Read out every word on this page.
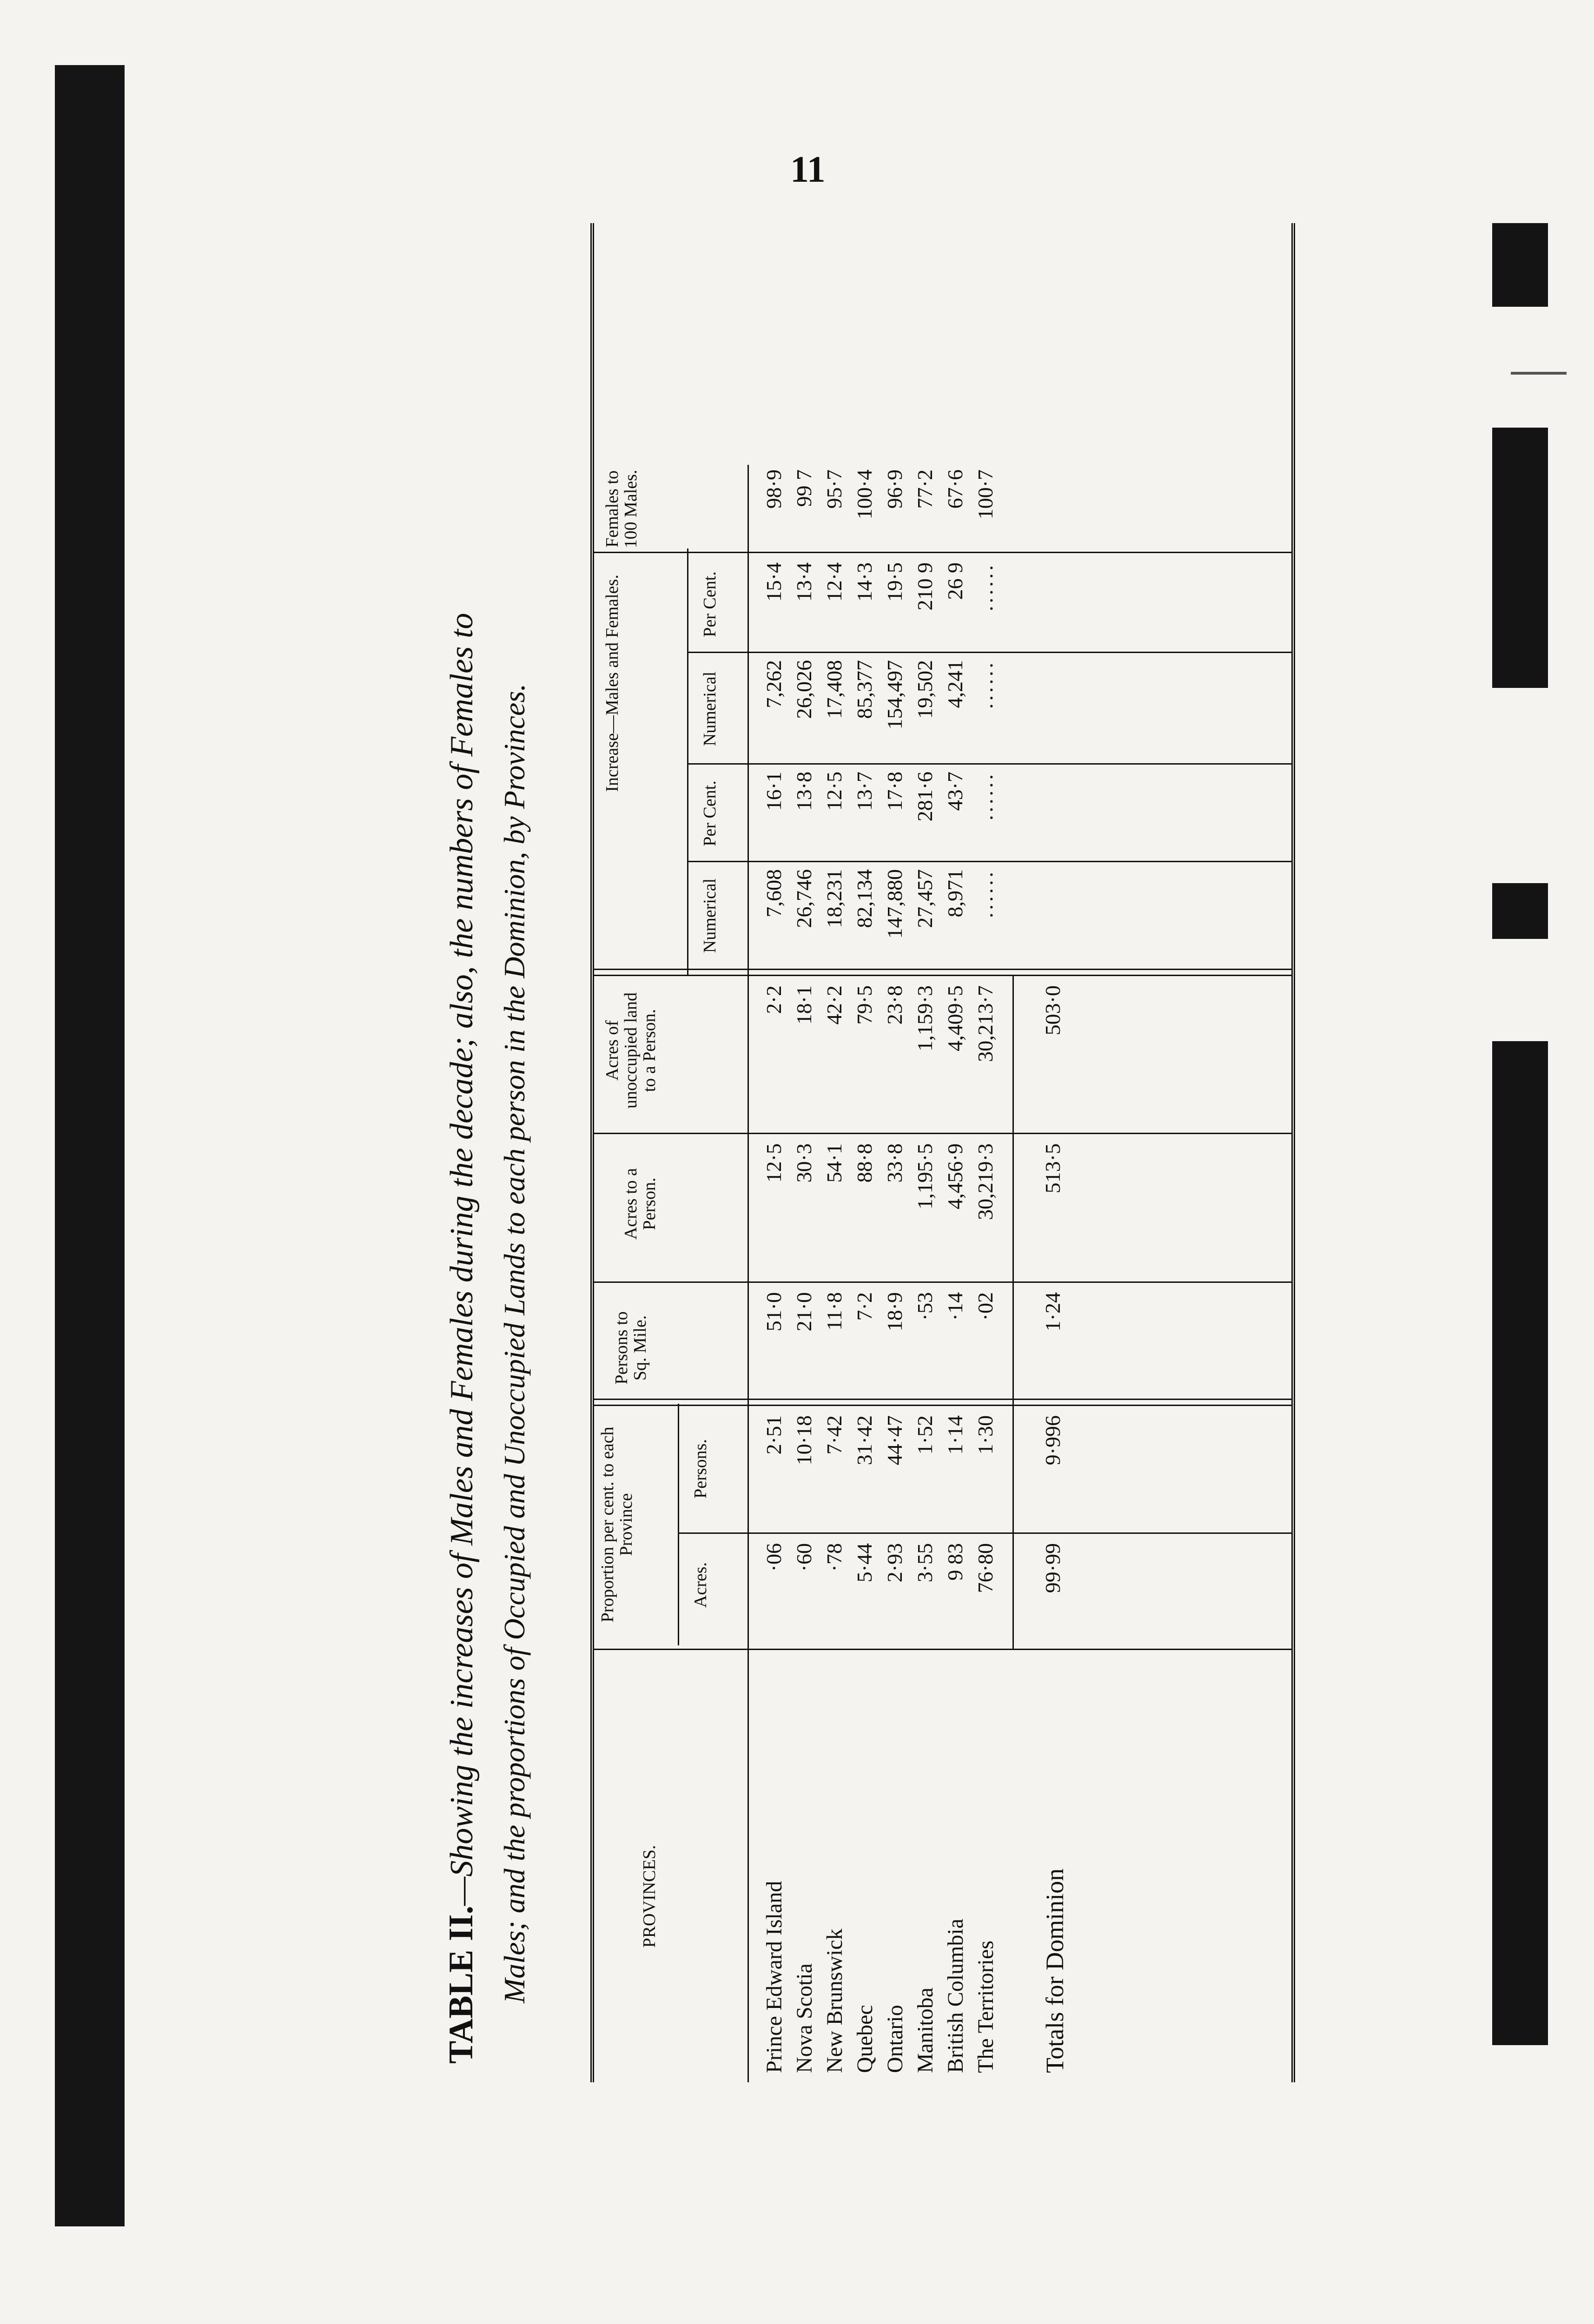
11
TABLE II.—Showing the increases of Males and Females during the decade; also, the numbers of Females to Males; and the proportions of Occupied and Unoccupied Lands to each person in the Dominion, by Provinces.	PROVINCES.
Proportion per cent. to each Province
Acres.
Persons.
Persons to Sq. Mile.
Acres to a Person.
Acres of unoccupied land to a Person.
Increase—Males and Females.
Numerical
Per Cent.
Numerical
Per Cent.
Females to 100 Males.
Prince Edward Island Nova Scotia New Brunswick Quebec Ontario Manitoba British Columbia The Territories
·06 ·60 ·78 5·44 2·93 3·55 9 83 76·80
2·51 10·18 7·42 31·42 44·47 1·52 1·14 1·30
51·0 21·0 11·8 7·2 18·9 ·53 ·14 ·02
12·5 30·3 54·1 88·8 33·8 1,195·5 4,456·9 30,219·3
2·2 18·1 42·2 79·5 23·8 1,159·3 4,409·5 30,213·7
7,608 26,746 18,231 82,134 147,880 27,457 8,971 ......
16·1 13·8 12·5 13·7 17·8 281·6 43·7 ......
7,262 26,026 17,408 85,377 154,497 19,502 4,241 ......
15·4 13·4 12·4 14·3 19·5 210 9 26 9 ......
98·9 99 7 95·7 100·4 96·9 77·2 67·6 100·7
Totals for Dominion
99·99
9·996
1·24
513·5
503·0
